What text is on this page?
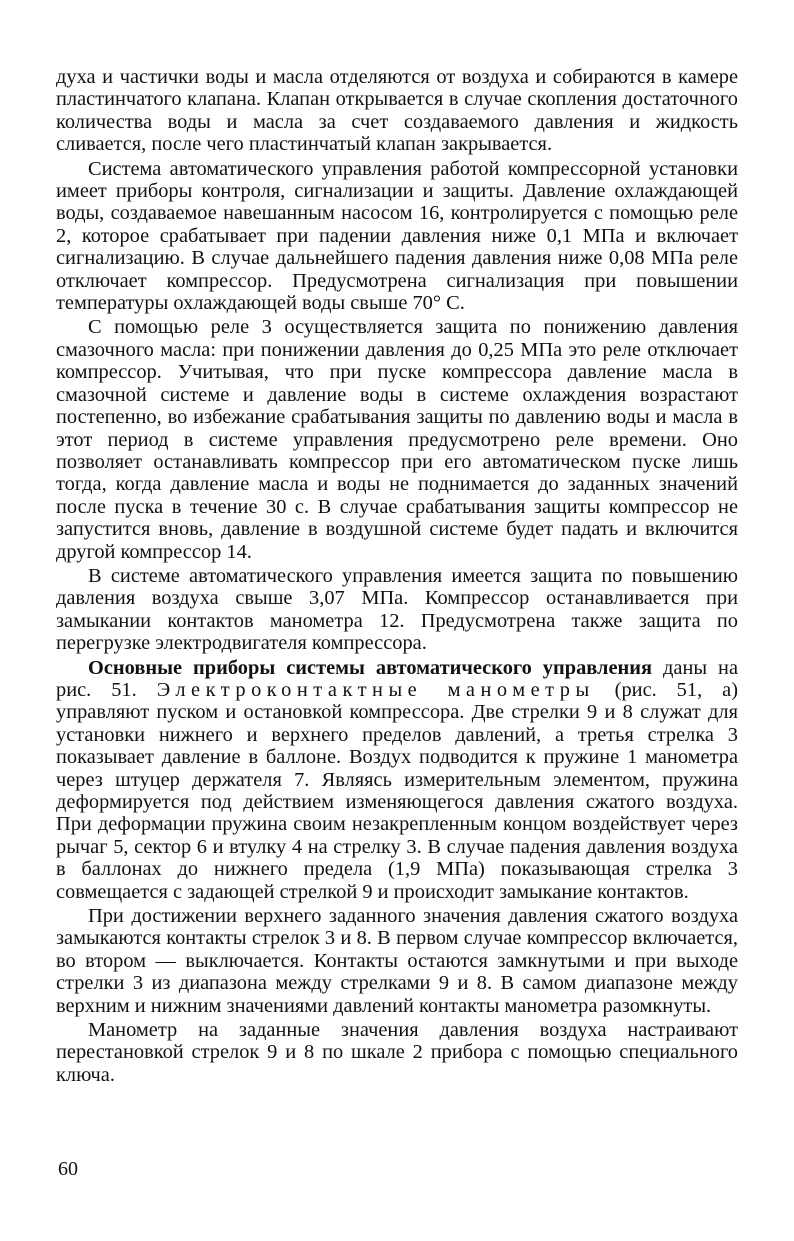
духа и частички воды и масла отделяются от воздуха и собираются в камере пластинчатого клапана. Клапан открывается в случае скопления достаточного количества воды и масла за счет создаваемого давления и жидкость сливается, после чего пластинчатый клапан закрывается.

Система автоматического управления работой компрессорной установки имеет приборы контроля, сигнализации и защиты. Давление охлаждающей воды, создаваемое навешанным насосом 16, контролируется с помощью реле 2, которое срабатывает при падении давления ниже 0,1 МПа и включает сигнализацию. В случае дальнейшего падения давления ниже 0,08 МПа реле отключает компрессор. Предусмотрена сигнализация при повышении температуры охлаждающей воды свыше 70° С.

С помощью реле 3 осуществляется защита по понижению давления смазочного масла: при понижении давления до 0,25 МПа это реле отключает компрессор. Учитывая, что при пуске компрессора давление масла в смазочной системе и давление воды в системе охлаждения возрастают постепенно, во избежание срабатывания защиты по давлению воды и масла в этот период в системе управления предусмотрено реле времени. Оно позволяет останавливать компрессор при его автоматическом пуске лишь тогда, когда давление масла и воды не поднимается до заданных значений после пуска в течение 30 с. В случае срабатывания защиты компрессор не запустится вновь, давление в воздушной системе будет падать и включится другой компрессор 14.

В системе автоматического управления имеется защита по повышению давления воздуха свыше 3,07 МПа. Компрессор останавливается при замыкании контактов манометра 12. Предусмотрена также защита по перегрузке электродвигателя компрессора.

Основные приборы системы автоматического управления даны на рис. 51. Электроконтактные манометры (рис. 51, а) управляют пуском и остановкой компрессора. Две стрелки 9 и 8 служат для установки нижнего и верхнего пределов давлений, а третья стрелка 3 показывает давление в баллоне. Воздух подводится к пружине 1 манометра через штуцер держателя 7. Являясь измерительным элементом, пружина деформируется под действием изменяющегося давления сжатого воздуха. При деформации пружина своим незакрепленным концом воздействует через рычаг 5, сектор 6 и втулку 4 на стрелку 3. В случае падения давления воздуха в баллонах до нижнего предела (1,9 МПа) показывающая стрелка 3 совмещается с задающей стрелкой 9 и происходит замыкание контактов.

При достижении верхнего заданного значения давления сжатого воздуха замыкаются контакты стрелок 3 и 8. В первом случае компрессор включается, во втором — выключается. Контакты остаются замкнутыми и при выходе стрелки 3 из диапазона между стрелками 9 и 8. В самом диапазоне между верхним и нижним значениями давлений контакты манометра разомкнуты.

Манометр на заданные значения давления воздуха настраивают перестановкой стрелок 9 и 8 по шкале 2 прибора с помощью специального ключа.

60
